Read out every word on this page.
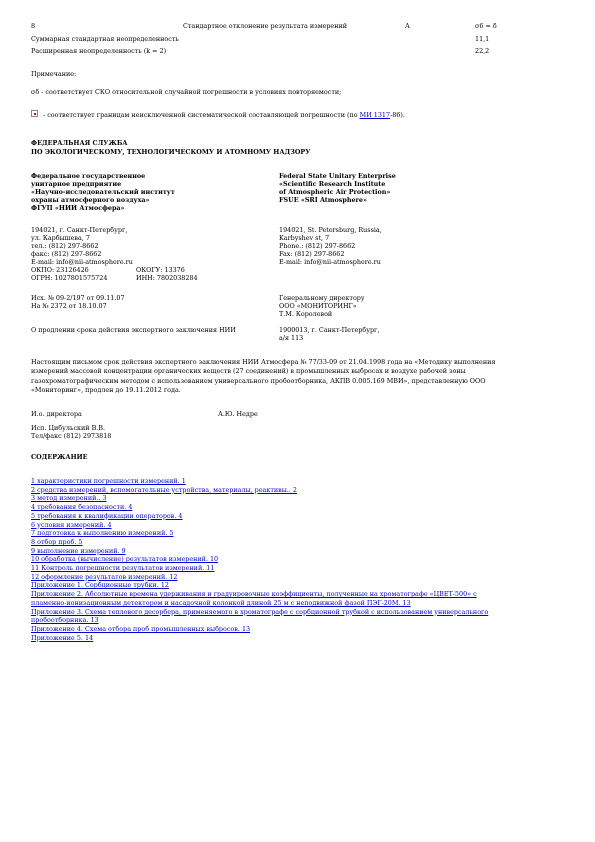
8	Стандартное отклонение результата измерений	А	σ6 = δ
Суммарная стандартная неопределенность	11,1
Расширенная неопределенность (k = 2)	22,2
Примечание:
σδ - соответствует СКО относительной случайной погрешности в условиях повторяемости;
- соответствует границам неисключенной систематической составляющей погрешности (по МИ 1317-86).
ФЕДЕРАЛЬНАЯ СЛУЖБА
ПО ЭКОЛОГИЧЕСКОМУ, ТЕХНОЛОГИЧЕСКОМУ И АТОМНОМУ НАДЗОРУ
Федеральное государственное
унитарное предприятие
«Научно-исследовательский институт
охраны атмосферного воздуха»
ФГУП «НИИ Атмосфера»
Federal State Unitary Enterprise
«Scientific Research Institute
of Atmospheric Air Protection»
FSUE «SRI Atmosphere»
194021, г. Санкт-Петербург,
ул. Карбышева, 7
тел.: (812) 297-8662
факс: (812) 297-8662
E-mail: info@nii-atmosphere.ru
ОКПО: 23126426	ОКОГУ: 13376
ОГРН: 1027801575724	ИНН: 7802038284
194021, St. Petersburg, Russia,
Karbyshev st, 7
Phone.: (812) 297-8662
Fax: (812) 297-8662
E-mail: info@nii-atmosphere.ru
Исх. № 09-2/197 от 09.11.07
На № 2372 от 18.10.07
Генеральному директору
ООО «МОНИТОРИНГ»
Т.М. Королевой
О продлении срока действия экспертного заключения НИИ	1900013, г. Санкт-Петербург,
а/я 113
Настоящим письмом срок действия экспертного заключения НИИ Атмосфера № 77/33-09 от 21.04.1998 года на «Методику выполнения измерений массовой концентрации органических веществ (27 соединений) в промышленных выбросах и воздухе рабочей зоны газохроматографическим методом с использованием универсального пробоотборника, АКПВ 0.005.169 МВИ», представленную ООО «Мониторинг», продлен до 19.11.2012 года.
И.о. директора	А.Ю. Недре
Исп. Цибульский В.В.
Тел/факс (812) 2973818
СОДЕРЖАНИЕ
1 характеристики погрешности измерений. 1
2 средства измерений, вспомогательные устройства, материалы, реактивы.. 2
3 метод измерений.. 3
4 требования безопасности. 4
5 требования к квалификации операторов. 4
6 условия измерений. 4
7 подготовка к выполнению измерений. 5
8 отбор проб. 5
9 выполнение измерений. 9
10 обработка (вычисление) результатов измерений. 10
11 Контроль погрешности результатов измерений. 11
12 оформление результатов измерений. 12
Приложение 1. Сорбционные трубки. 12
Приложение 2. Абсолютные времена удерживания и градуировочные коэффициенты, полученные на хроматографе «ЦВЕТ-500» с пламенно-ионизационным детектором и насадочной колонкой длиной 25 м с неподвижной фазой ПЭГ-20М. 13
Приложение 3. Схема теплового десорбера, применяемого в хроматографе с сорбционной трубкой с использованием универсального пробоотборника. 13
Приложение 4. Схема отбора проб промышленных выбросов. 13
Приложение 5. 14
